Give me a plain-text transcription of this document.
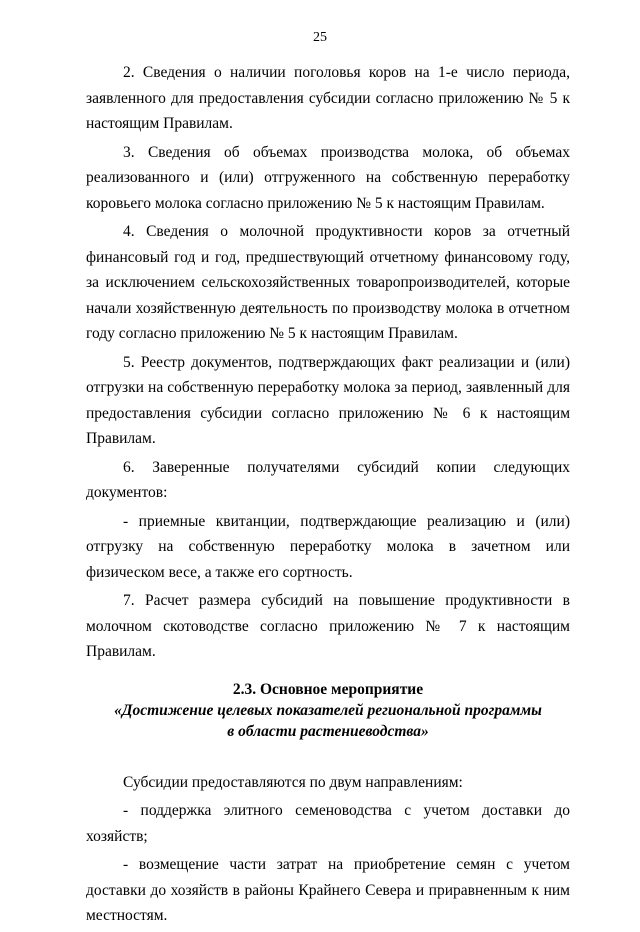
25

2. Сведения о наличии поголовья коров на 1-е число периода, заявленного для предоставления субсидии согласно приложению № 5 к настоящим Правилам.

3. Сведения об объемах производства молока, об объемах реализованного и (или) отгруженного на собственную переработку коровьего молока согласно приложению № 5 к настоящим Правилам.

4. Сведения о молочной продуктивности коров за отчетный финансовый год и год, предшествующий отчетному финансовому году, за исключением сельскохозяйственных товаропроизводителей, которые начали хозяйственную деятельность по производству молока в отчетном году согласно приложению № 5 к настоящим Правилам.

5. Реестр документов, подтверждающих факт реализации и (или) отгрузки на собственную переработку молока за период, заявленный для предоставления субсидии согласно приложению № 6 к настоящим Правилам.

6. Заверенные получателями субсидий копии следующих документов:

- приемные квитанции, подтверждающие реализацию и (или) отгрузку на собственную переработку молока в зачетном или физическом весе, а также его сортность.

7. Расчет размера субсидий на повышение продуктивности в молочном скотоводстве согласно приложению № 7 к настоящим Правилам.

2.3. Основное мероприятие
«Достижение целевых показателей региональной программы
в области растениеводства»

Субсидии предоставляются по двум направлениям:

- поддержка элитного семеноводства с учетом доставки до хозяйств;

- возмещение части затрат на приобретение семян с учетом доставки до хозяйств в районы Крайнего Севера и приравненным к ним местностям.
